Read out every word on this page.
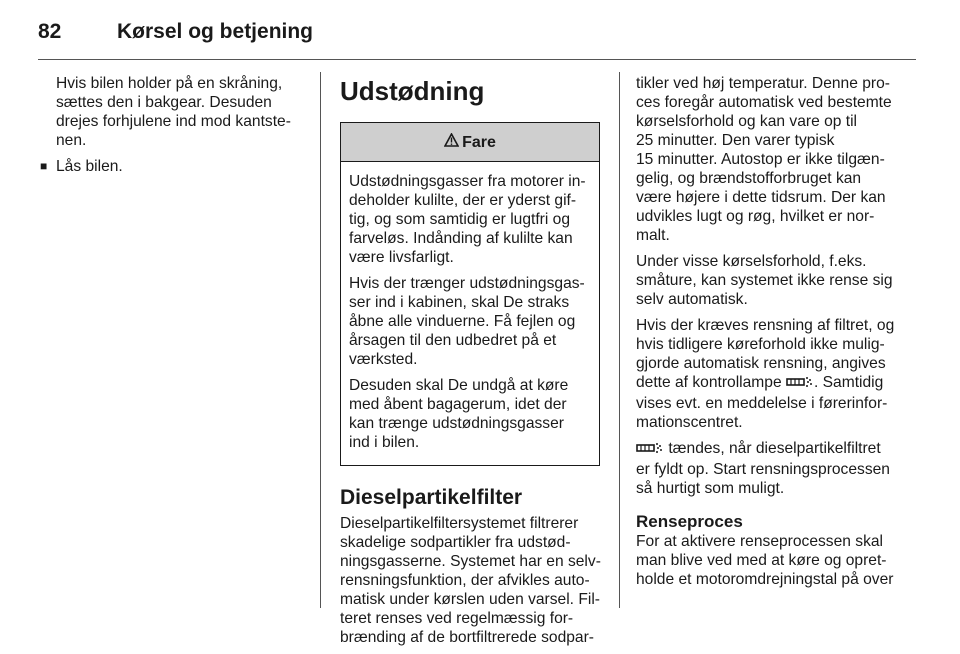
82	Kørsel og betjening
Hvis bilen holder på en skråning,
sættes den i bakgear. Desuden
drejes forhjulene ind mod kantste-
nen.
■ Lås bilen.
Udstødning
Fare
Udstødningsgasser fra motorer in-
deholder kulilte, der er yderst gif-
tig, og som samtidig er lugtfri og
farveløs. Indånding af kulilte kan
være livsfarligt.
Hvis der trænger udstødningsgas-
ser ind i kabinen, skal De straks
åbne alle vinduerne. Få fejlen og
årsagen til den udbedret på et
værksted.
Desuden skal De undgå at køre
med åbent bagagerum, idet der
kan trænge udstødningsgasser
ind i bilen.
Dieselpartikelfilter
Dieselpartikelfiltersystemet filtrerer
skadelige sodpartikler fra udstød-
ningsgasserne. Systemet har en selv-
rensningsfunktion, der afvikles auto-
matisk under kørslen uden varsel. Fil-
teret renses ved regelmæssig for-
brænding af de bortfiltrerede sodpar-
tikler ved høj temperatur. Denne pro-
ces foregår automatisk ved bestemte
kørselsforhold og kan vare op til
25 minutter. Den varer typisk
15 minutter. Autostop er ikke tilgæn-
gelig, og brændstofforbruget kan
være højere i dette tidsrum. Der kan
udvikles lugt og røg, hvilket er nor-
malt.
Under visse kørselsforhold, f.eks.
småture, kan systemet ikke rense sig
selv automatisk.
Hvis der kræves rensning af filtret, og
hvis tidligere køreforhold ikke mulig-
gjorde automatisk rensning, angives
dette af kontrollampe . Samtidig
vises evt. en meddelelse i førerinfor-
mationscentret.
tændes, når dieselpartikelfiltret
er fyldt op. Start rensningsprocessen
så hurtigt som muligt.
Renseproces
For at aktivere renseprocessen skal
man blive ved med at køre og opret-
holde et motoromdrejningstal på over
